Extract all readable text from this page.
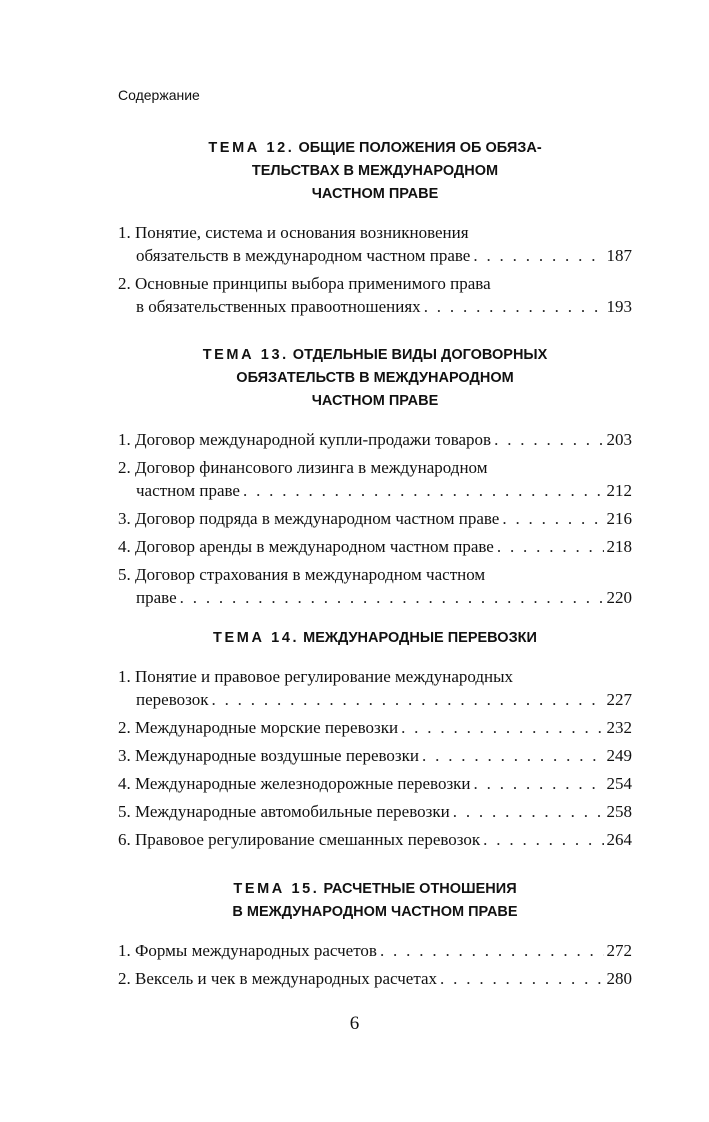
Содержание
ТЕМА 12. ОБЩИЕ ПОЛОЖЕНИЯ ОБ ОБЯЗА-
ТЕЛЬСТВАХ В МЕЖДУНАРОДНОМ
ЧАСТНОМ ПРАВЕ
1. Понятие, система и основания возникновения
обязательств в международном частном праве . . .	187
2. Основные принципы выбора применимого права
в обязательственных правоотношениях . . .	193
ТЕМА 13. ОТДЕЛЬНЫЕ ВИДЫ ДОГОВОРНЫХ
ОБЯЗАТЕЛЬСТВ В МЕЖДУНАРОДНОМ
ЧАСТНОМ ПРАВЕ
1. Договор международной купли-продажи товаров . . .	203
2. Договор финансового лизинга в международном
частном праве . . .	212
3. Договор подряда в международном частном праве . . .	216
4. Договор аренды в международном частном праве . . .	218
5. Договор страхования в международном частном
праве . . .	220
ТЕМА 14. МЕЖДУНАРОДНЫЕ ПЕРЕВОЗКИ
1. Понятие и правовое регулирование международных
перевозок . . .	227
2. Международные морские перевозки . . .	232
3. Международные воздушные перевозки . . .	249
4. Международные железнодорожные перевозки . . .	254
5. Международные автомобильные перевозки . . .	258
6. Правовое регулирование смешанных перевозок . . .	264
ТЕМА 15. РАСЧЕТНЫЕ ОТНОШЕНИЯ
В МЕЖДУНАРОДНОМ ЧАСТНОМ ПРАВЕ
1. Формы международных расчетов . . .	272
2. Вексель и чек в международных расчетах . . .	280
6
